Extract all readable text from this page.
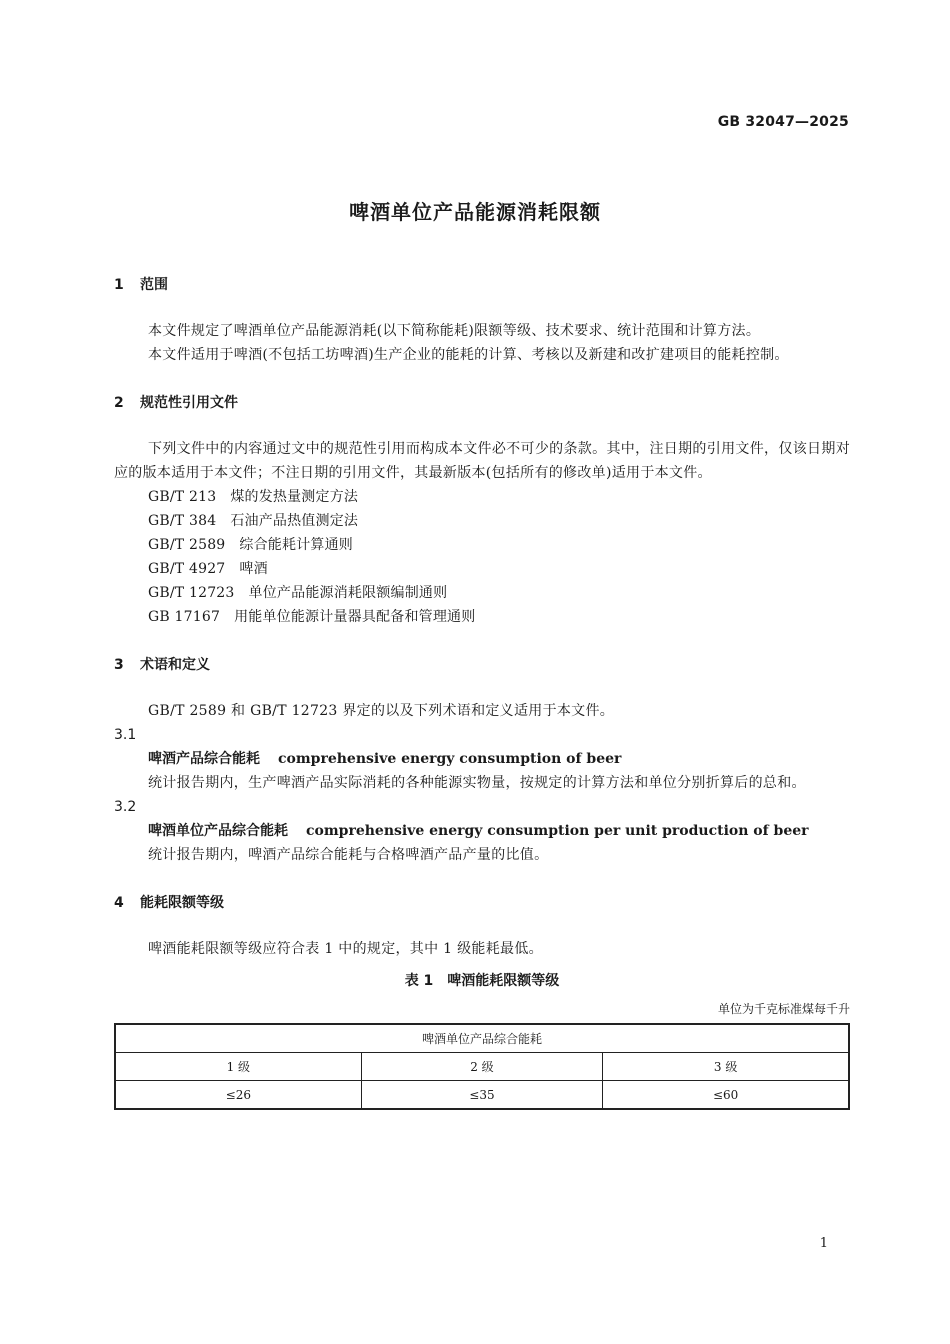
GB 32047—2025
啤酒单位产品能源消耗限额
1 范围
本文件规定了啤酒单位产品能源消耗(以下简称能耗)限额等级、技术要求、统计范围和计算方法。
本文件适用于啤酒(不包括工坊啤酒)生产企业的能耗的计算、考核以及新建和改扩建项目的能耗控制。
2 规范性引用文件
下列文件中的内容通过文中的规范性引用而构成本文件必不可少的条款。其中，注日期的引用文件，仅该日期对应的版本适用于本文件；不注日期的引用文件，其最新版本(包括所有的修改单)适用于本文件。
GB/T 213 煤的发热量测定方法
GB/T 384 石油产品热值测定法
GB/T 2589 综合能耗计算通则
GB/T 4927 啤酒
GB/T 12723 单位产品能源消耗限额编制通则
GB 17167 用能单位能源计量器具配备和管理通则
3 术语和定义
GB/T 2589 和 GB/T 12723 界定的以及下列术语和定义适用于本文件。
3.1
啤酒产品综合能耗 comprehensive energy consumption of beer
统计报告期内，生产啤酒产品实际消耗的各种能源实物量，按规定的计算方法和单位分别折算后的总和。
3.2
啤酒单位产品综合能耗 comprehensive energy consumption per unit production of beer
统计报告期内，啤酒产品综合能耗与合格啤酒产品产量的比值。
4 能耗限额等级
啤酒能耗限额等级应符合表 1 中的规定，其中 1 级能耗最低。
表 1　啤酒能耗限额等级
单位为千克标准煤每千升
啤酒单位产品综合能耗		
1 级	2 级	3 级
≤26	≤35	≤60
1
